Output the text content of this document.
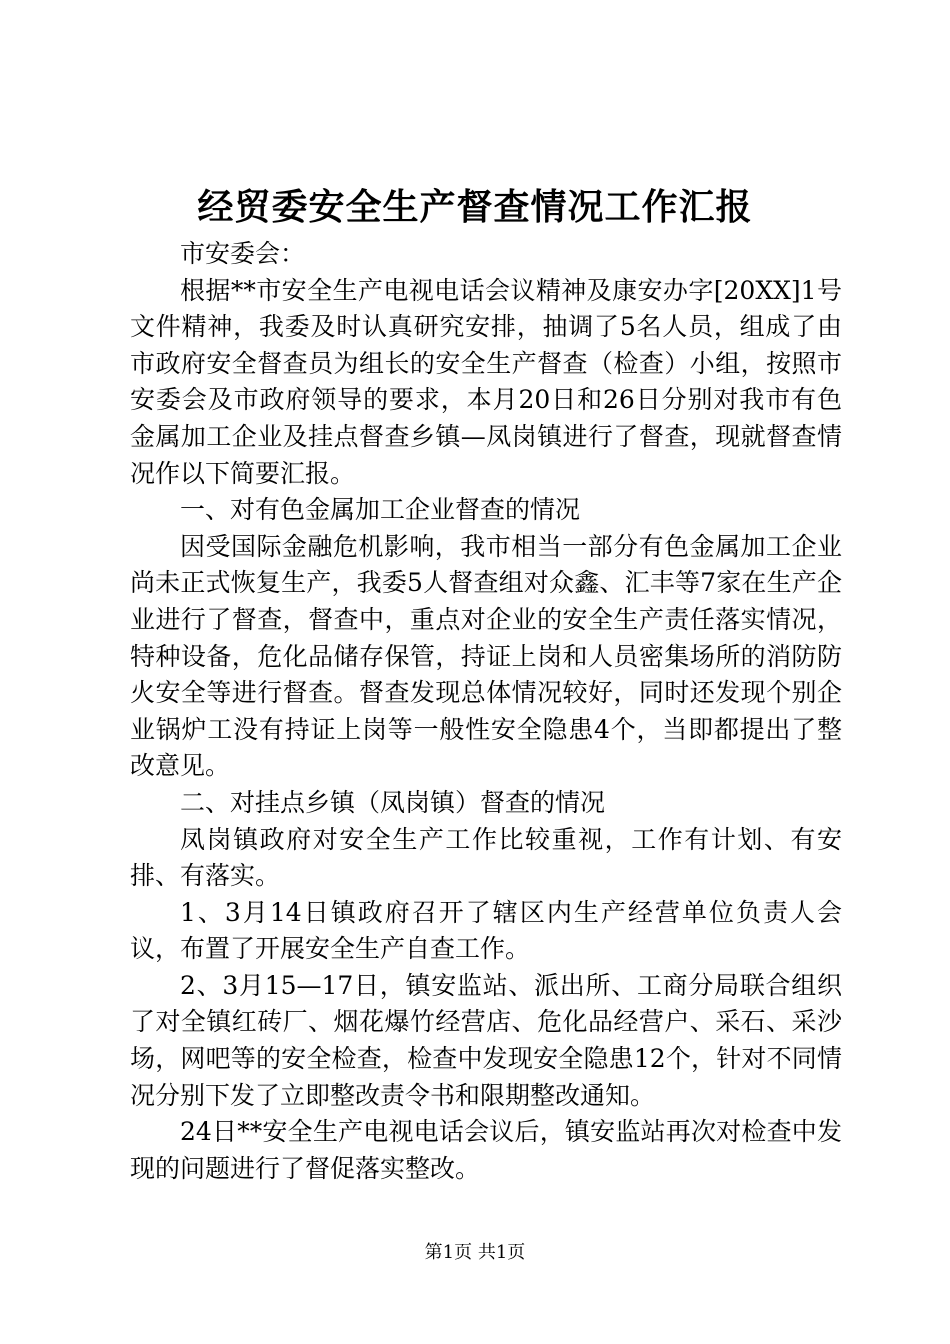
经贸委安全生产督查情况工作汇报

市安委会：

根据**市安全生产电视电话会议精神及康安办字[20XX]1号文件精神，我委及时认真研究安排，抽调了5名人员，组成了由市政府安全督查员为组长的安全生产督查（检查）小组，按照市安委会及市政府领导的要求，本月20日和26日分别对我市有色金属加工企业及挂点督查乡镇—凤岗镇进行了督查，现就督查情况作以下简要汇报。

一、对有色金属加工企业督查的情况

因受国际金融危机影响，我市相当一部分有色金属加工企业尚未正式恢复生产，我委5人督查组对众鑫、汇丰等7家在生产企业进行了督查，督查中，重点对企业的安全生产责任落实情况，特种设备，危化品储存保管，持证上岗和人员密集场所的消防防火安全等进行督查。督查发现总体情况较好，同时还发现个别企业锅炉工没有持证上岗等一般性安全隐患4个，当即都提出了整改意见。

二、对挂点乡镇（凤岗镇）督查的情况

凤岗镇政府对安全生产工作比较重视，工作有计划、有安排、有落实。

1、3月14日镇政府召开了辖区内生产经营单位负责人会议，布置了开展安全生产自查工作。

2、3月15—17日，镇安监站、派出所、工商分局联合组织了对全镇红砖厂、烟花爆竹经营店、危化品经营户、采石、采沙场，网吧等的安全检查，检查中发现安全隐患12个，针对不同情况分别下发了立即整改责令书和限期整改通知。

24日**安全生产电视电话会议后，镇安监站再次对检查中发现的问题进行了督促落实整改。

第1页 共1页
